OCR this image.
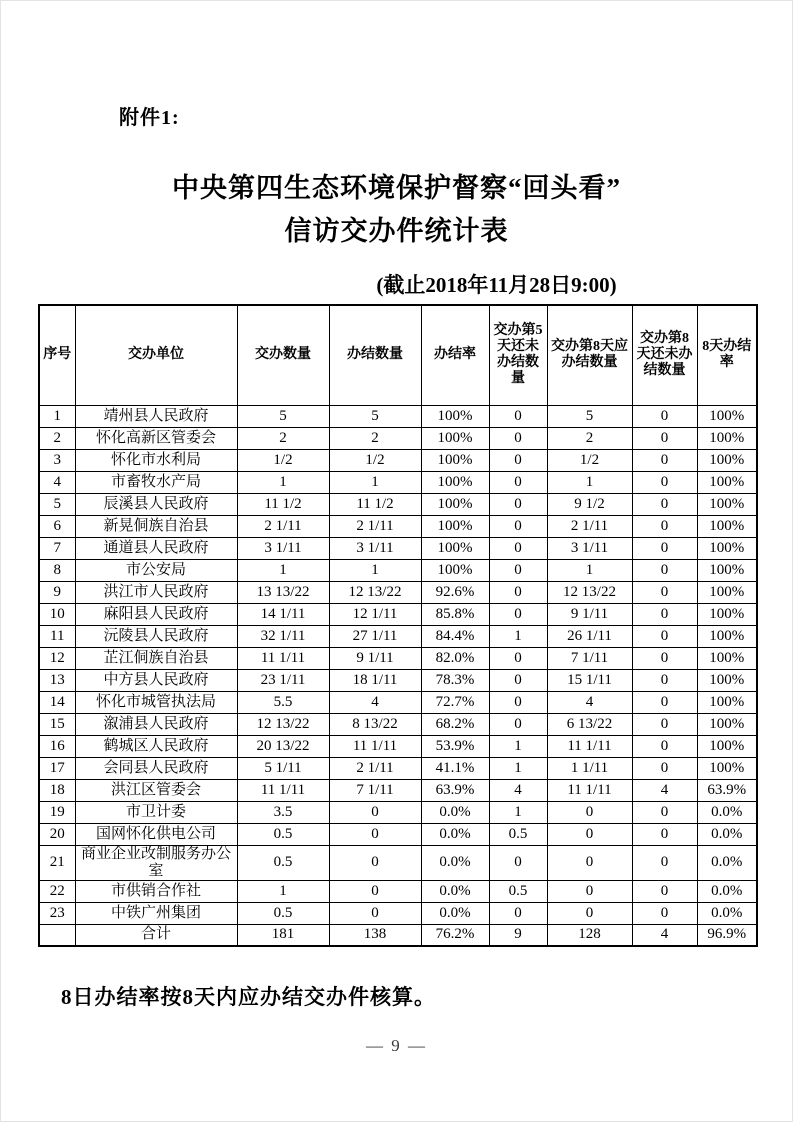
附件1:
中央第四生态环境保护督察“回头看”
信访交办件统计表
(截止2018年11月28日9:00)
序号	交办单位	交办数量	办结数量	办结率	交办第5天还未办结数量	交办第8天应办结数量	交办第8天还未办结数量	8天办结率
1	靖州县人民政府	5	5	100%	0	5	0	100%
2	怀化高新区管委会	2	2	100%	0	2	0	100%
3	怀化市水利局	1/2	1/2	100%	0	1/2	0	100%
4	市畜牧水产局	1	1	100%	0	1	0	100%
5	辰溪县人民政府	11 1/2	11 1/2	100%	0	9 1/2	0	100%
6	新晃侗族自治县	2 1/11	2 1/11	100%	0	2 1/11	0	100%
7	通道县人民政府	3 1/11	3 1/11	100%	0	3 1/11	0	100%
8	市公安局	1	1	100%	0	1	0	100%
9	洪江市人民政府	13 13/22	12 13/22	92.6%	0	12 13/22	0	100%
10	麻阳县人民政府	14 1/11	12 1/11	85.8%	0	9 1/11	0	100%
11	沅陵县人民政府	32 1/11	27 1/11	84.4%	1	26 1/11	0	100%
12	芷江侗族自治县	11 1/11	9 1/11	82.0%	0	7 1/11	0	100%
13	中方县人民政府	23 1/11	18 1/11	78.3%	0	15 1/11	0	100%
14	怀化市城管执法局	5.5	4	72.7%	0	4	0	100%
15	溆浦县人民政府	12 13/22	8 13/22	68.2%	0	6 13/22	0	100%
16	鹤城区人民政府	20 13/22	11 1/11	53.9%	1	11 1/11	0	100%
17	会同县人民政府	5 1/11	2 1/11	41.1%	1	1 1/11	0	100%
18	洪江区管委会	11 1/11	7 1/11	63.9%	4	11 1/11	4	63.9%
19	市卫计委	3.5	0	0.0%	1	0	0	0.0%
20	国网怀化供电公司	0.5	0	0.0%	0.5	0	0	0.0%
21	商业企业改制服务办公室	0.5	0	0.0%	0	0	0	0.0%
22	市供销合作社	1	0	0.0%	0.5	0	0	0.0%
23	中铁广州集团	0.5	0	0.0%	0	0	0	0.0%
	合计	181	138	76.2%	9	128	4	96.9%
8日办结率按8天内应办结交办件核算。
— 9 —
